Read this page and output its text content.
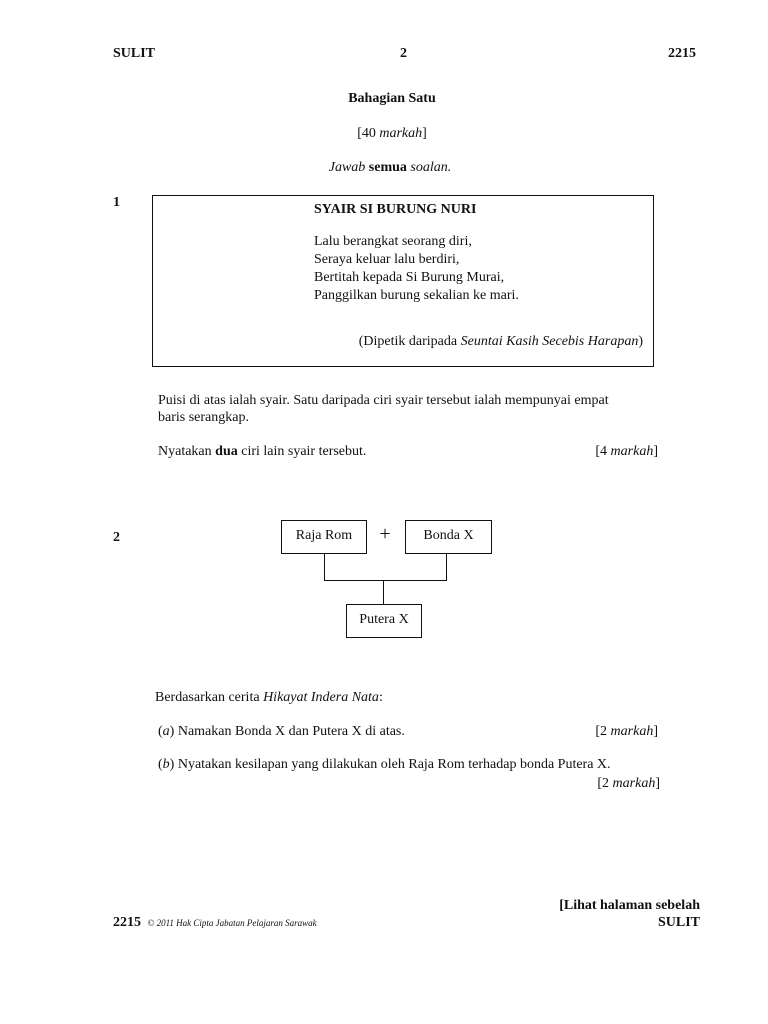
SULIT	2	2215
Bahagian Satu
[40 markah]
Jawab semua soalan.
1	SYAIR SI BURUNG NURI
Lalu berangkat seorang diri,
Seraya keluar lalu berdiri,
Bertitah kepada Si Burung Murai,
Panggilkan burung sekalian ke mari.
(Dipetik daripada Seuntai Kasih Secebis Harapan)
Puisi di atas ialah syair. Satu daripada ciri syair tersebut ialah mempunyai empat
baris serangkap.
Nyatakan dua ciri lain syair tersebut.	[4 markah]
2	Raja Rom	+	Bonda X
Putera X
Berdasarkan cerita Hikayat Indera Nata:
(a) Namakan Bonda X dan Putera X di atas.	[2 markah]
(b) Nyatakan kesilapan yang dilakukan oleh Raja Rom terhadap bonda Putera X.
[2 markah]
[Lihat halaman sebelah
2215 © 2011 Hak Cipta Jabatan Pelajaran Sarawak	SULIT
